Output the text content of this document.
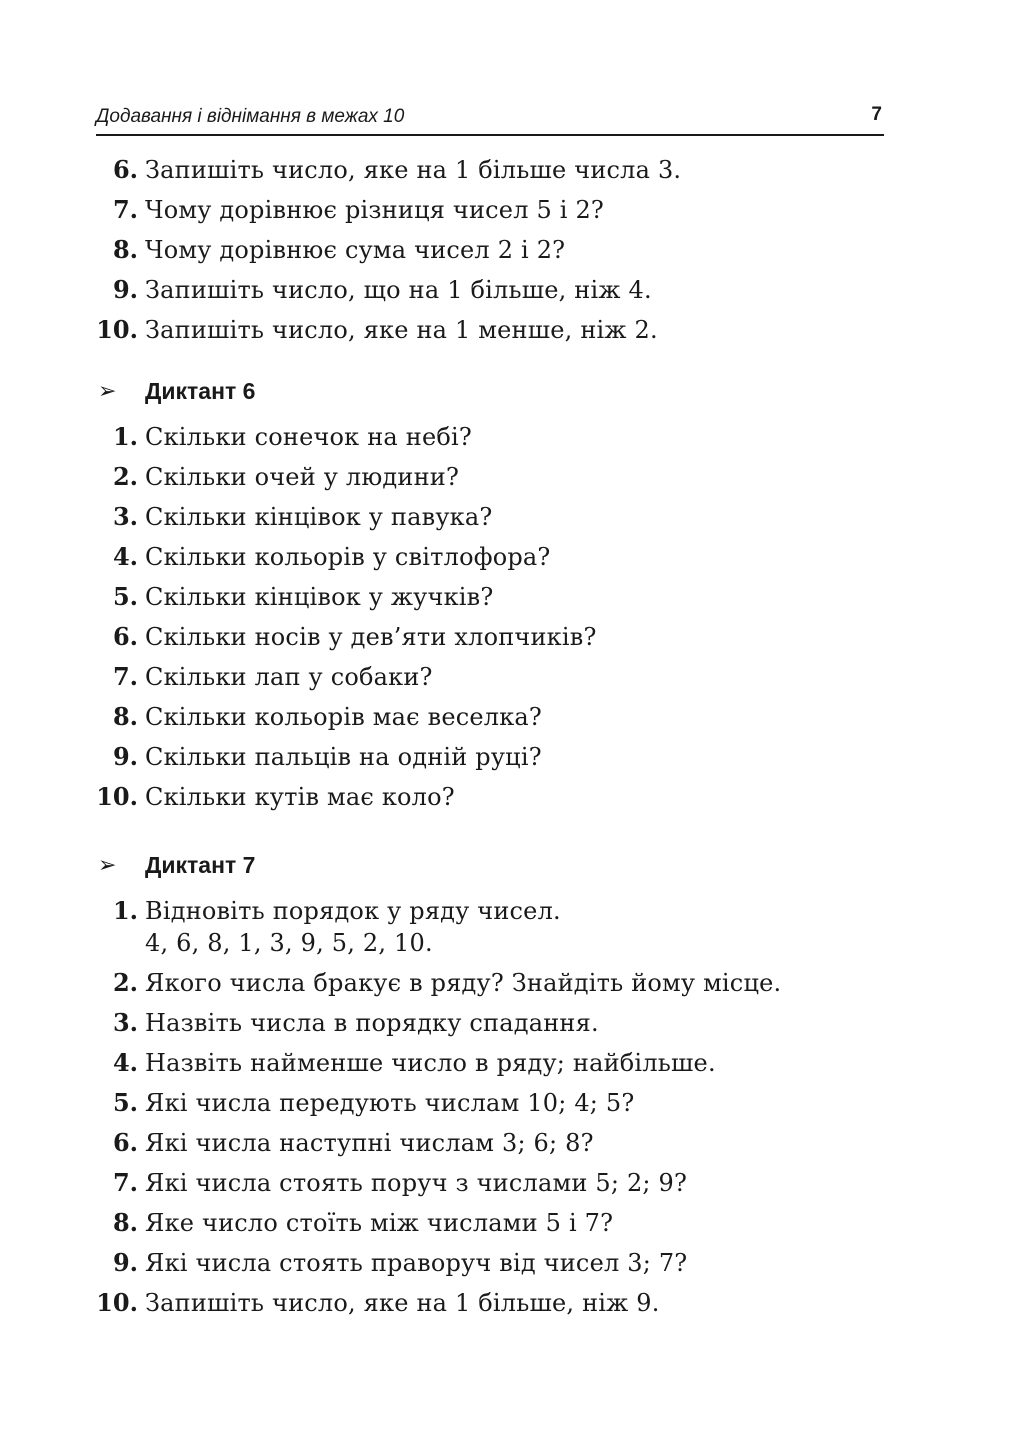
Додавання і віднімання в межах 10	7
6. Запишіть число, яке на 1 більше числа 3.
7. Чому дорівнює різниця чисел 5 і 2?
8. Чому дорівнює сума чисел 2 і 2?
9. Запишіть число, що на 1 більше, ніж 4.
10. Запишіть число, яке на 1 менше, ніж 2.
➢	Диктант 6
1. Скільки сонечок на небі?
2. Скільки очей у людини?
3. Скільки кінцівок у павука?
4. Скільки кольорів у світлофора?
5. Скільки кінцівок у жучків?
6. Скільки носів у дев’яти хлопчиків?
7. Скільки лап у собаки?
8. Скільки кольорів має веселка?
9. Скільки пальців на одній руці?
10. Скільки кутів має коло?
➢	Диктант 7
1. Відновіть порядок у ряду чисел.
4, 6, 8, 1, 3, 9, 5, 2, 10.
2. Якого числа бракує в ряду? Знайдіть йому місце.
3. Назвіть числа в порядку спадання.
4. Назвіть найменше число в ряду; найбільше.
5. Які числа передують числам 10; 4; 5?
6. Які числа наступні числам 3; 6; 8?
7. Які числа стоять поруч з числами 5; 2; 9?
8. Яке число стоїть між числами 5 і 7?
9. Які числа стоять праворуч від чисел 3; 7?
10. Запишіть число, яке на 1 більше, ніж 9.
